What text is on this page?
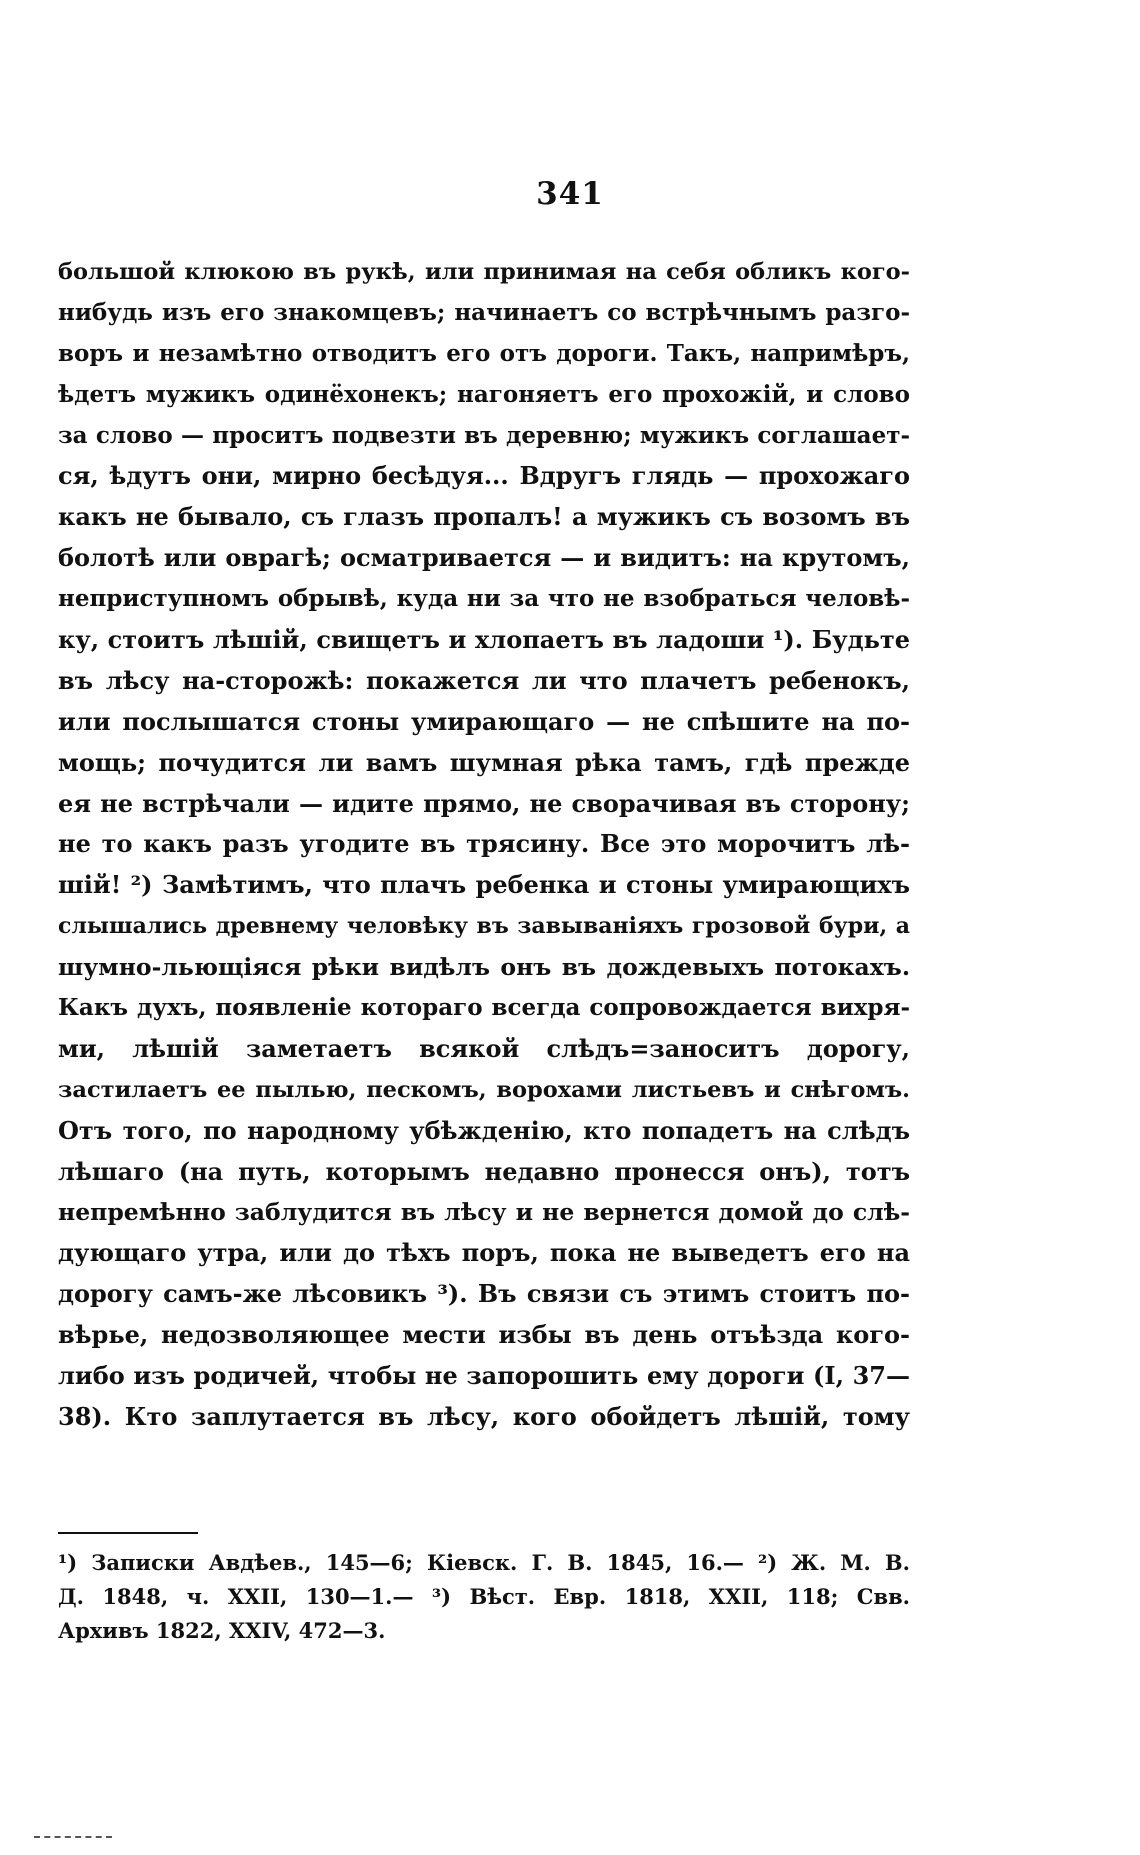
341
большой клюкою въ рукѣ, или принимая на себя обликъ кого-
нибудь изъ его знакомцевъ; начинаетъ со встрѣчнымъ разго-
воръ и незамѣтно отводитъ его отъ дороги. Такъ, напримѣръ,
ѣдетъ мужикъ одинёхонекъ; нагоняетъ его прохожій, и слово
за слово — проситъ подвезти въ деревню; мужикъ соглашает-
ся, ѣдутъ они, мирно бесѣдуя... Вдругъ глядь — прохожаго
какъ не бывало, съ глазъ пропалъ! а мужикъ съ возомъ въ
болотѣ или оврагѣ; осматривается — и видитъ: на крутомъ,
неприступномъ обрывѣ, куда ни за что не взобраться человѣ-
ку, стоитъ лѣшій, свищетъ и хлопаетъ въ ладоши ¹). Будьте
въ лѣсу на-сторожѣ: покажется ли что плачетъ ребенокъ,
или послышатся стоны умирающаго — не спѣшите на по-
мощь; почудится ли вамъ шумная рѣка тамъ, гдѣ прежде
ея не встрѣчали — идите прямо, не сворачивая въ сторону;
не то какъ разъ угодите въ трясину. Все это морочитъ лѣ-
шій! ²) Замѣтимъ, что плачъ ребенка и стоны умирающихъ
слышались древнему человѣку въ завываніяхъ грозовой бури, а
шумно-льющіяся рѣки видѣлъ онъ въ дождевыхъ потокахъ.
Какъ духъ, появленіе котораго всегда сопровождается вихря-
ми, лѣшій заметаетъ всякой слѣдъ=заноситъ дорогу,
застилаетъ ее пылью, пескомъ, ворохами листьевъ и снѣгомъ.
Отъ того, по народному убѣжденію, кто попадетъ на слѣдъ
лѣшаго (на путь, которымъ недавно пронесся онъ), тотъ
непремѣнно заблудится въ лѣсу и не вернется домой до слѣ-
дующаго утра, или до тѣхъ поръ, пока не выведетъ его на
дорогу самъ-же лѣсовикъ ³). Въ связи съ этимъ стоитъ по-
вѣрье, недозволяющее мести избы въ день отъѣзда кого-
либо изъ родичей, чтобы не запорошить ему дороги (I, 37—
38). Кто заплутается въ лѣсу, кого обойдетъ лѣшій, тому
¹) Записки Авдѣев., 145—6; Кіевск. Г. В. 1845, 16.— ²) Ж. М. В.
Д. 1848, ч. XXII, 130—1.— ³) Вѣст. Евр. 1818, XXII, 118; Свв.
Архивъ 1822, XXIV, 472—3.
